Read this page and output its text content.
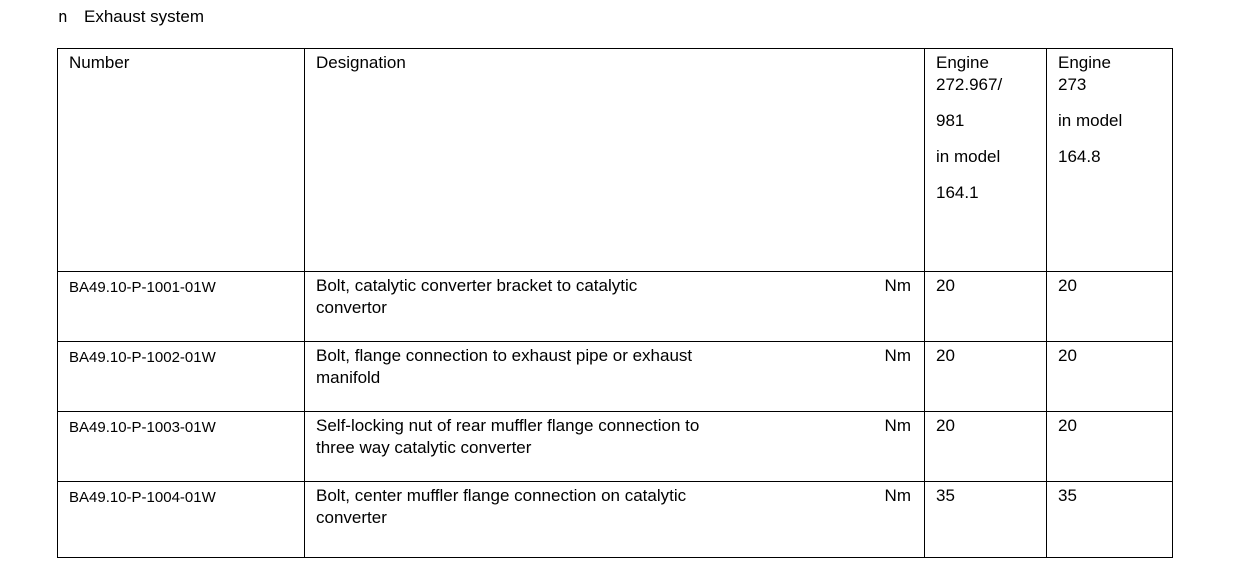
n Exhaust system
Number	Designation	Engine
272.967/
981
in model
164.1	Engine
273
in model
164.8

BA49.10-P-1001-01W	Bolt, catalytic converter bracket to catalytic
convertor
Nm	20	20

BA49.10-P-1002-01W	Bolt, flange connection to exhaust pipe or exhaust
manifold
Nm	20	20

BA49.10-P-1003-01W	Self-locking nut of rear muffler flange connection to
three way catalytic converter
Nm	20	20

BA49.10-P-1004-01W	Bolt, center muffler flange connection on catalytic
converter
Nm	35	35
